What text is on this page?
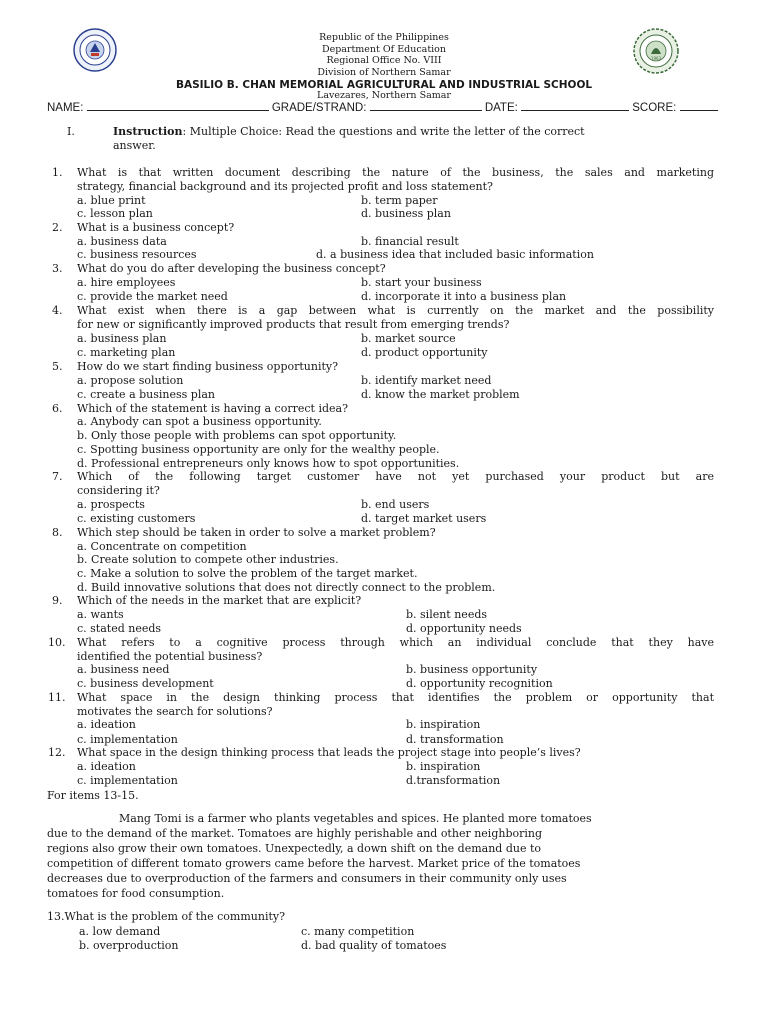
1963
Republic of the Philippines
Department Of Education
Regional Office No. VIII
Division of Northern Samar
BASILIO B. CHAN MEMORIAL AGRICULTURAL AND INDUSTRIAL SCHOOL
Lavezares, Northern Samar
NAME:	GRADE/STRAND:	DATE:	SCORE:
I.	Instruction: Multiple Choice: Read the questions and write the letter of the correct
answer.
1. What is that written document describing the nature of the business, the sales and marketing
strategy, financial background and its projected profit and loss statement?
a. blue print	b. term paper
c. lesson plan	d. business plan
2. What is a business concept?
a. business data	b. financial result
c. business resources	d. a business idea that included basic information
3. What do you do after developing the business concept?
a. hire employees	b. start your business
c. provide the market need	d. incorporate it into a business plan
4. What exist when there is a gap between what is currently on the market and the possibility
for new or significantly improved products that result from emerging trends?
a. business plan	b. market source
c. marketing plan	d. product opportunity
5. How do we start finding business opportunity?
a. propose solution	b. identify market need
c. create a business plan	d. know the market problem
6. Which of the statement is having a correct idea?
a. Anybody can spot a business opportunity.
b. Only those people with problems can spot opportunity.
c. Spotting business opportunity are only for the wealthy people.
d. Professional entrepreneurs only knows how to spot opportunities.
7. Which of the following target customer have not yet purchased your product but are
considering it?
a. prospects	b. end users
c. existing customers	d. target market users
8. Which step should be taken in order to solve a market problem?
a. Concentrate on competition
b. Create solution to compete other industries.
c. Make a solution to solve the problem of the target market.
d. Build innovative solutions that does not directly connect to the problem.
9. Which of the needs in the market that are explicit?
a. wants	b. silent needs
c. stated needs	d. opportunity needs
10. What refers to a cognitive process through which an individual conclude that they have
identified the potential business?
a. business need	b. business opportunity
c. business development	d. opportunity recognition
11. What space in the design thinking process that identifies the problem or opportunity that
motivates the search for solutions?
a. ideation	b. inspiration
c. implementation	d. transformation
12. What space in the design thinking process that leads the project stage into people’s lives?
a. ideation	b. inspiration
c. implementation	d.transformation
For items 13-15.
Mang Tomi is a farmer who plants vegetables and spices. He planted more tomatoes
due to the demand of the market. Tomatoes are highly perishable and other neighboring
regions also grow their own tomatoes. Unexpectedly, a down shift on the demand due to
competition of different tomato growers came before the harvest. Market price of the tomatoes
decreases due to overproduction of the farmers and consumers in their community only uses
tomatoes for food consumption.
13.What is the problem of the community?
a. low demand	c. many competition
b. overproduction	d. bad quality of tomatoes
